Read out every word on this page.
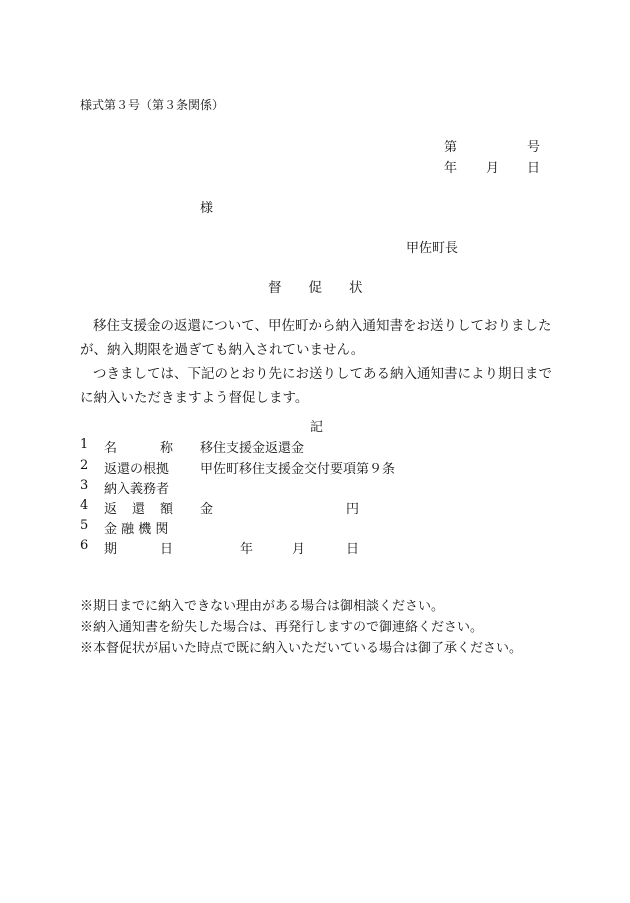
様式第３号（第３条関係）
第	号
年 月 日
様
甲佐町長
督　　促　　状

移住支援金の返還について、甲佐町から納入通知書をお送りしておりましたが、納入期限を過ぎても納入されていません。

つきましては、下記のとおり先にお送りしてある納入通知書により期日までに納入いただきますよう督促します。

記
1 名	称 移住支援金返還金
2 返還の根拠 甲佐町移住支援金交付要項第９条
3 納入義務者
4 返 還 額 金	円
5 金 融 機 関
6 期	日	年	月	日
※期日までに納入できない理由がある場合は御相談ください。
※納入通知書を紛失した場合は、再発行しますので御連絡ください。
※本督促状が届いた時点で既に納入いただいている場合は御了承ください。
